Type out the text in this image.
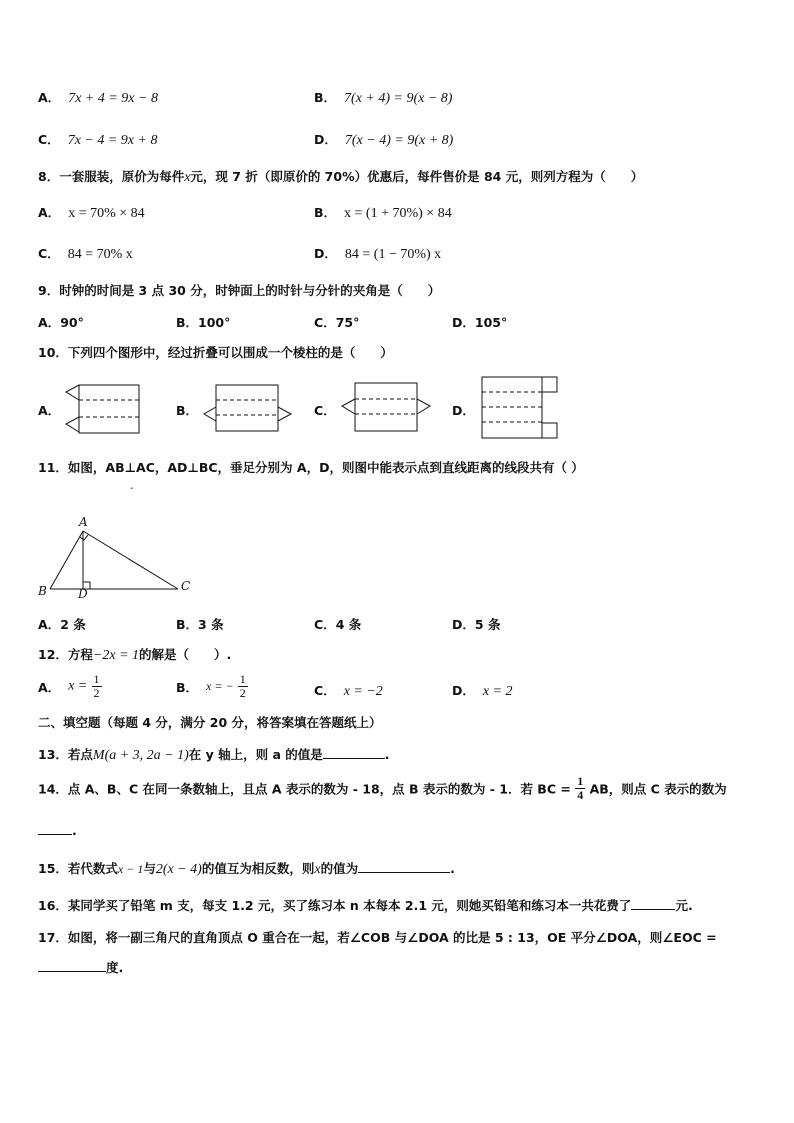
A． 7x + 4 = 9x − 8	B． 7(x + 4) = 9(x − 8)
C． 7x − 4 = 9x + 8	D． 7(x − 4) = 9(x + 8)
8．一套服装，原价为每件x元，现 7 折（即原价的 70%）优惠后，每件售价是 84 元，则列方程为（　　）
A． x = 70% × 84	B． x = (1 + 70%) × 84
C． 84 = 70% x	D． 84 = (1 − 70%) x
9．时钟的时间是 3 点 30 分，时钟面上的时针与分针的夹角是（　　）
A．90°	B．100°	C．75°	D．105°
10．下列四个图形中，经过折叠可以围成一个棱柱的是（　　）
A．	B．	C．	D．
11．如图，AB⊥AC，AD⊥BC，垂足分别为 A，D，则图中能表示点到直线距离的线段共有（ ）
-
A
B	C
D
A．2 条	B．3 条	C．4 条	D．5 条
12．方程−2x = 1的解是（　　）.
A． $x = \frac{1}{2}$	B． x = − $\frac{1}{2}$	C． x = −2	D． x = 2
二、填空题（每题 4 分，满分 20 分，将答案填在答题纸上）
13．若点M(a + 3, 2a − 1)在 y 轴上，则 a 的值是	.
14．点 A、B、C 在同一条数轴上，且点 A 表示的数为 - 18，点 B 表示的数为 - 1．若 BC = $\frac{1}{4}$ AB，则点 C 表示的数为
.
15．若代数式x − 1与2(x − 4)的值互为相反数，则x的值为	.
16．某同学买了铅笔 m 支，每支 1.2 元，买了练习本 n 本每本 2.1 元，则她买铅笔和练习本一共花费了	元.
17．如图，将一副三角尺的直角顶点 O 重合在一起，若∠COB 与∠DOA 的比是 5 : 13，OE 平分∠DOA，则∠EOC =
度.
